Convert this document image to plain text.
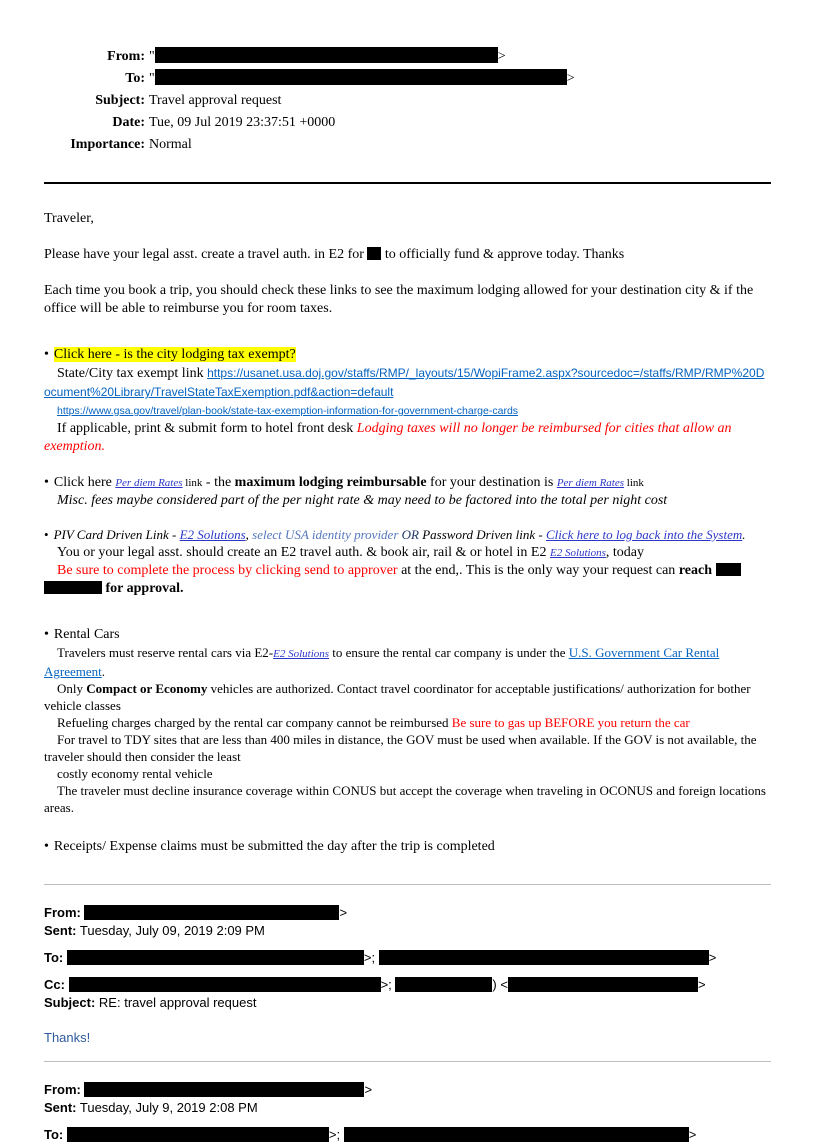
From: "	>
To: "	>
Subject: Travel approval request
Date: Tue, 09 Jul 2019 23:37:51 +0000
Importance: Normal

Traveler,

Please have your legal asst. create a travel auth. in E2 for  to officially fund & approve today. Thanks

Each time you book a trip, you should check these links to see the maximum lodging allowed for your destination city & if the office will be able to reimburse you for room taxes.

• Click here - is the city lodging tax exempt?

State/City tax exempt link https://usanet.usa.doj.gov/staffs/RMP/_layouts/15/WopiFrame2.aspx?sourcedoc=/staffs/RMP/RMP%20Document%20Library/TravelStateTaxExemption.pdf&action=default

https://www.gsa.gov/travel/plan-book/state-tax-exemption-information-for-government-charge-cards

If applicable, print & submit form to hotel front desk Lodging taxes will no longer be reimbursed for cities that allow an exemption.

• Click here Per diem Rates link - the maximum lodging reimbursable for your destination is Per diem Rates link

Misc. fees maybe considered part of the per night rate & may need to be factored into the total per night cost

• PIV Card Driven Link - E2 Solutions, select USA identity provider OR Password Driven link - Click here to log back into the System.

You or your legal asst. should create an E2 travel auth. & book air, rail & or hotel in E2 E2 Solutions, today

Be sure to complete the process by clicking send to approver at the end,. This is the only way your request can reach

for approval.

• Rental Cars

Travelers must reserve rental cars via E2-E2 Solutions to ensure the rental car company is under the U.S. Government Car Rental Agreement.

Only Compact or Economy vehicles are authorized. Contact travel coordinator for acceptable justifications/ authorization for bother vehicle classes

Refueling charges charged by the rental car company cannot be reimbursed Be sure to gas up BEFORE you return the car

For travel to TDY sites that are less than 400 miles in distance, the GOV must be used when available. If the GOV is not available, the traveler should then consider the least

costly economy rental vehicle

The traveler must decline insurance coverage within CONUS but accept the coverage when traveling in OCONUS and foreign locations areas.

• Receipts/ Expense claims must be submitted the day after the trip is completed

From:	>
Sent: Tuesday, July 09, 2019 2:09 PM
To:	>;	>
Cc:	>;	) <	>
Subject: RE: travel approval request

Thanks!

From:	>
Sent: Tuesday, July 9, 2019 2:08 PM
To:	>;	>
